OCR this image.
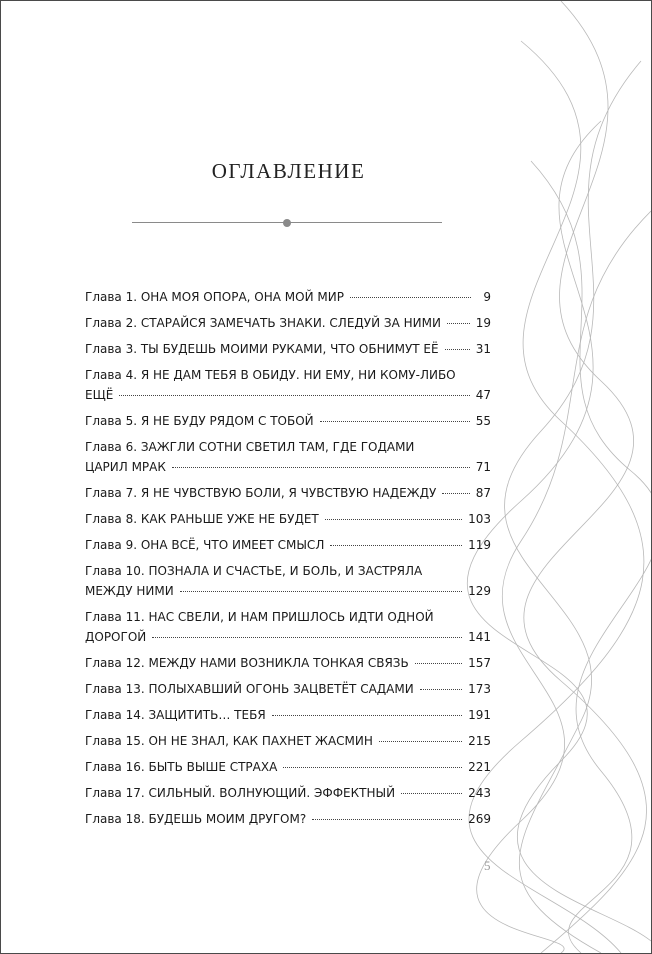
ОГЛАВЛЕНИЕ
Глава 1. ОНА МОЯ ОПОРА, ОНА МОЙ МИР	9
Глава 2. СТАРАЙСЯ ЗАМЕЧАТЬ ЗНАКИ. СЛЕДУЙ ЗА НИМИ	19
Глава 3. ТЫ БУДЕШЬ МОИМИ РУКАМИ, ЧТО ОБНИМУТ ЕЁ	31
Глава 4. Я НЕ ДАМ ТЕБЯ В ОБИДУ. НИ ЕМУ, НИ КОМУ-ЛИБО
ЕЩЁ	47
Глава 5. Я НЕ БУДУ РЯДОМ С ТОБОЙ	55
Глава 6. ЗАЖГЛИ СОТНИ СВЕТИЛ ТАМ, ГДЕ ГОДАМИ
ЦАРИЛ МРАК	71
Глава 7. Я НЕ ЧУВСТВУЮ БОЛИ, Я ЧУВСТВУЮ НАДЕЖДУ	87
Глава 8. КАК РАНЬШЕ УЖЕ НЕ БУДЕТ	103
Глава 9. ОНА ВСЁ, ЧТО ИМЕЕТ СМЫСЛ	119
Глава 10. ПОЗНАЛА И СЧАСТЬЕ, И БОЛЬ, И ЗАСТРЯЛА
МЕЖДУ НИМИ	129
Глава 11. НАС СВЕЛИ, И НАМ ПРИШЛОСЬ ИДТИ ОДНОЙ
ДОРОГОЙ	141
Глава 12. МЕЖДУ НАМИ ВОЗНИКЛА ТОНКАЯ СВЯЗЬ	157
Глава 13. ПОЛЫХАВШИЙ ОГОНЬ ЗАЦВЕТЁТ САДАМИ	173
Глава 14. ЗАЩИТИТЬ… ТЕБЯ	191
Глава 15. ОН НЕ ЗНАЛ, КАК ПАХНЕТ ЖАСМИН	215
Глава 16. БЫТЬ ВЫШЕ СТРАХА	221
Глава 17. СИЛЬНЫЙ. ВОЛНУЮЩИЙ. ЭФФЕКТНЫЙ	243
Глава 18. БУДЕШЬ МОИМ ДРУГОМ?	269
5
